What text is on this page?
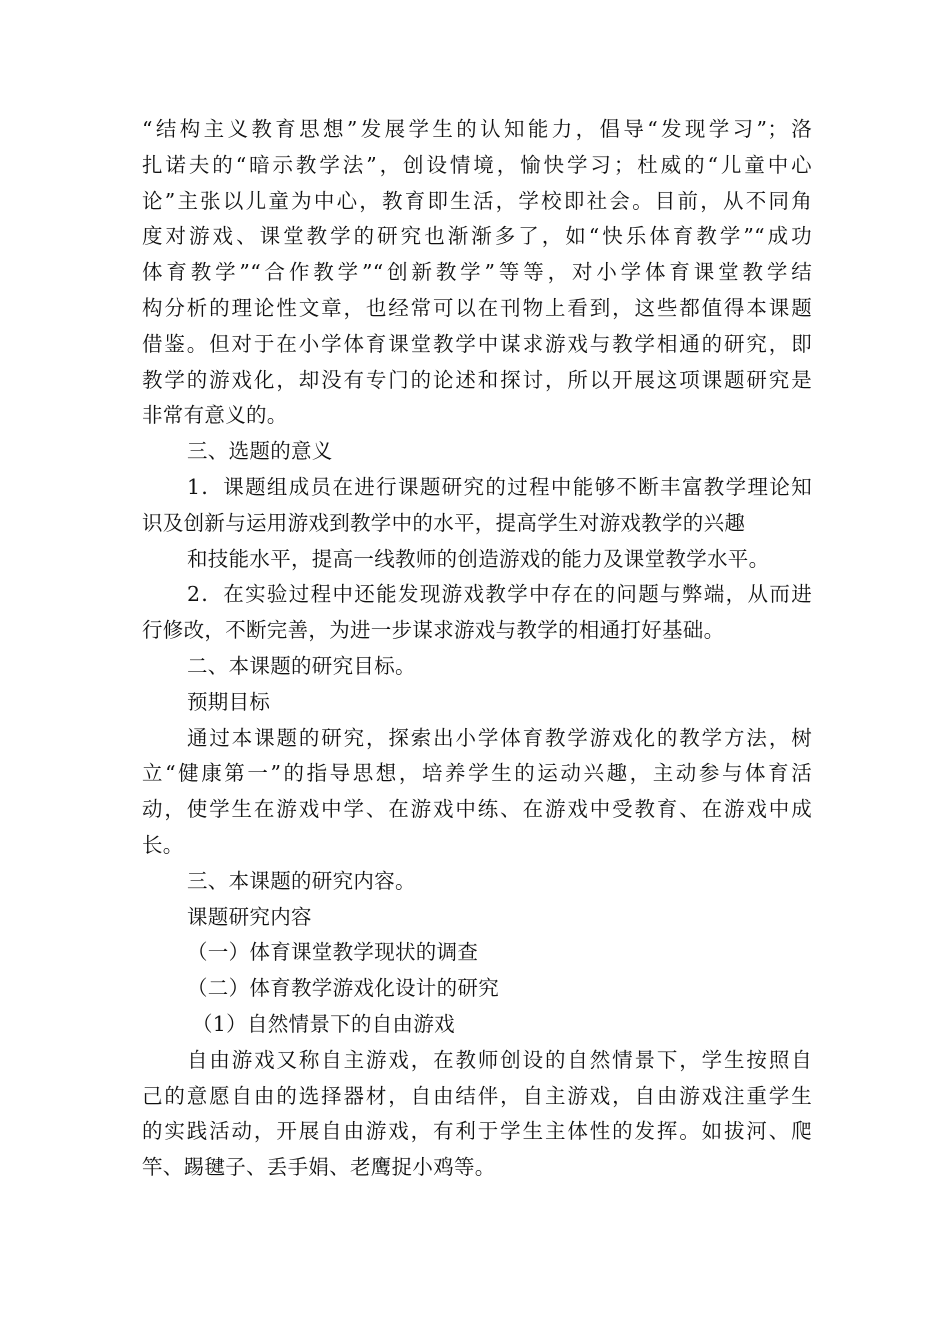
“结构主义教育思想”发展学生的认知能力，倡导“发现学习”；洛
扎诺夫的“暗示教学法”，创设情境，愉快学习；杜威的“儿童中心
论”主张以儿童为中心，教育即生活，学校即社会。目前，从不同角
度对游戏、课堂教学的研究也渐渐多了，如“快乐体育教学”“成功
体育教学”“合作教学”“创新教学”等等，对小学体育课堂教学结
构分析的理论性文章，也经常可以在刊物上看到，这些都值得本课题
借鉴。但对于在小学体育课堂教学中谋求游戏与教学相通的研究，即
教学的游戏化，却没有专门的论述和探讨，所以开展这项课题研究是
非常有意义的。
三、选题的意义
1．课题组成员在进行课题研究的过程中能够不断丰富教学理论知
识及创新与运用游戏到教学中的水平，提高学生对游戏教学的兴趣
和技能水平，提高一线教师的创造游戏的能力及课堂教学水平。
2．在实验过程中还能发现游戏教学中存在的问题与弊端，从而进
行修改，不断完善，为进一步谋求游戏与教学的相通打好基础。
二、本课题的研究目标。
预期目标
通过本课题的研究，探索出小学体育教学游戏化的教学方法，树
立“健康第一”的指导思想，培养学生的运动兴趣，主动参与体育活
动，使学生在游戏中学、在游戏中练、在游戏中受教育、在游戏中成
长。
三、本课题的研究内容。
课题研究内容
（一）体育课堂教学现状的调查
（二）体育教学游戏化设计的研究
（1）自然情景下的自由游戏
自由游戏又称自主游戏，在教师创设的自然情景下，学生按照自
己的意愿自由的选择器材，自由结伴，自主游戏，自由游戏注重学生
的实践活动，开展自由游戏，有利于学生主体性的发挥。如拔河、爬
竿、踢毽子、丢手娟、老鹰捉小鸡等。
